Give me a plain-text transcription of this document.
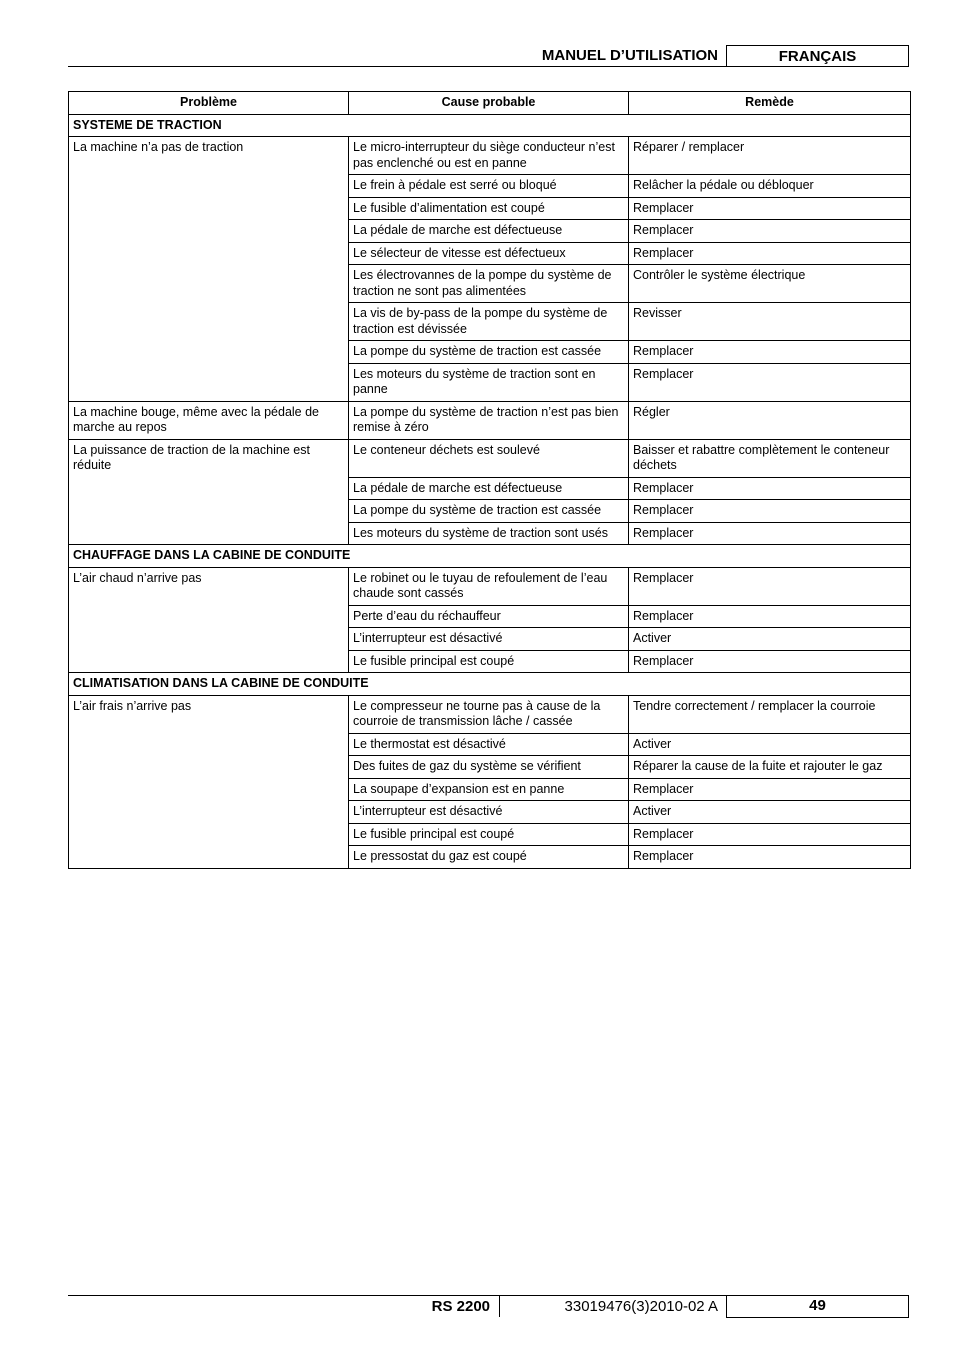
MANUEL D’UTILISATION	FRANÇAIS
Problème	Cause probable	Remède
SYSTEME DE TRACTION		
La machine n’a pas de traction	Le micro-interrupteur du siège conducteur n’est pas enclenché ou est en panne	Réparer / remplacer
	Le frein à pédale est serré ou bloqué	Relâcher la pédale ou débloquer
	Le fusible d’alimentation est coupé	Remplacer
	La pédale de marche est défectueuse	Remplacer
	Le sélecteur de vitesse est défectueux	Remplacer
	Les électrovannes de la pompe du système de traction ne sont pas alimentées	Contrôler le système électrique
	La vis de by-pass de la pompe du système de traction est dévissée	Revisser
	La pompe du système de traction est cassée	Remplacer
	Les moteurs du système de traction sont en panne	Remplacer
La machine bouge, même avec la pédale de marche au repos	La pompe du système de traction n’est pas bien remise à zéro	Régler
La puissance de traction de la machine est réduite	Le conteneur déchets est soulevé	Baisser et rabattre complètement le conteneur déchets
	La pédale de marche est défectueuse	Remplacer
	La pompe du système de traction est cassée	Remplacer
	Les moteurs du système de traction sont usés	Remplacer
CHAUFFAGE DANS LA CABINE DE CONDUITE		
L’air chaud n’arrive pas	Le robinet ou le tuyau de refoulement de l’eau chaude sont cassés	Remplacer
	Perte d’eau du réchauffeur	Remplacer
	L’interrupteur est désactivé	Activer
	Le fusible principal est coupé	Remplacer
CLIMATISATION DANS LA CABINE DE CONDUITE		
L’air frais n’arrive pas	Le compresseur ne tourne pas à cause de la courroie de transmission lâche / cassée	Tendre correctement / remplacer la courroie
	Le thermostat est désactivé	Activer
	Des fuites de gaz du système se vérifient	Réparer la cause de la fuite et rajouter le gaz
	La soupape d’expansion est en panne	Remplacer
	L’interrupteur est désactivé	Activer
	Le fusible principal est coupé	Remplacer
	Le pressostat du gaz est coupé	Remplacer
RS 2200	33019476(3)2010-02 A	49
